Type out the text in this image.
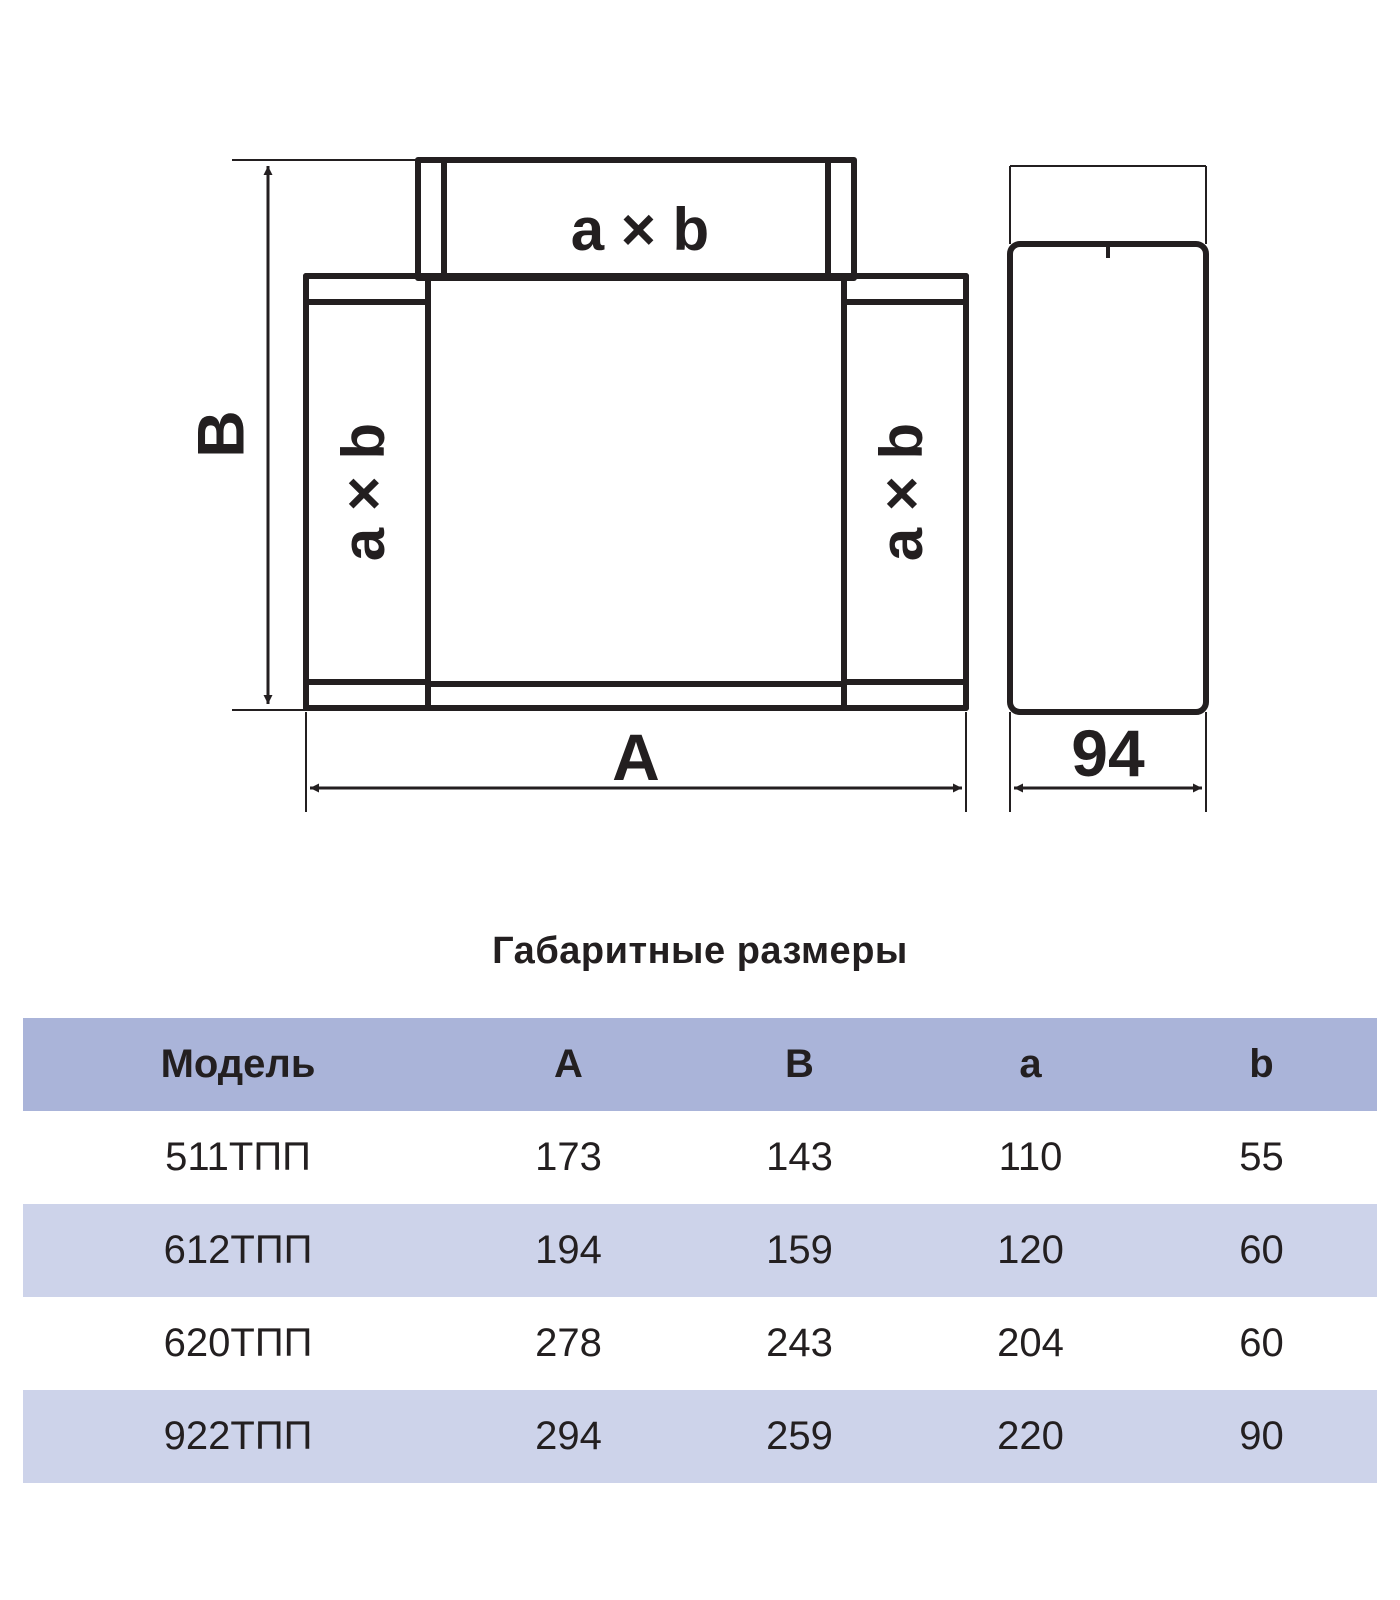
a × b
a × b	a × b
B
A	94
Габаритные размеры
Модель	A	B	a	b
511ТПП	173	143	110	55
612ТПП	194	159	120	60
620ТПП	278	243	204	60
922ТПП	294	259	220	90
